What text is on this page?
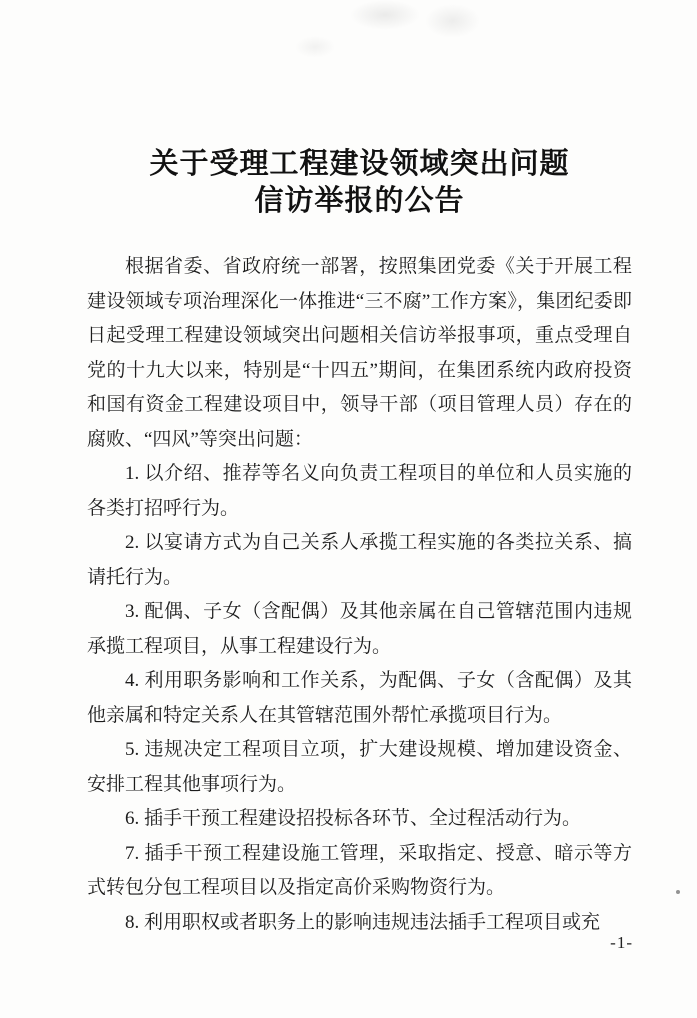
关于受理工程建设领域突出问题
信访举报的公告

根据省委、省政府统一部署，按照集团党委《关于开展工程建设领域专项治理深化一体推进“三不腐”工作方案》，集团纪委即日起受理工程建设领域突出问题相关信访举报事项，重点受理自党的十九大以来，特别是“十四五”期间，在集团系统内政府投资和国有资金工程建设项目中，领导干部（项目管理人员）存在的腐败、“四风”等突出问题：

1. 以介绍、推荐等名义向负责工程项目的单位和人员实施的各类打招呼行为。

2. 以宴请方式为自己关系人承揽工程实施的各类拉关系、搞请托行为。

3. 配偶、子女（含配偶）及其他亲属在自己管辖范围内违规承揽工程项目，从事工程建设行为。

4. 利用职务影响和工作关系，为配偶、子女（含配偶）及其他亲属和特定关系人在其管辖范围外帮忙承揽项目行为。

5. 违规决定工程项目立项，扩大建设规模、增加建设资金、安排工程其他事项行为。

6. 插手干预工程建设招投标各环节、全过程活动行为。

7. 插手干预工程建设施工管理，采取指定、授意、暗示等方式转包分包工程项目以及指定高价采购物资行为。

8. 利用职权或者职务上的影响违规违法插手工程项目或充

-1-
